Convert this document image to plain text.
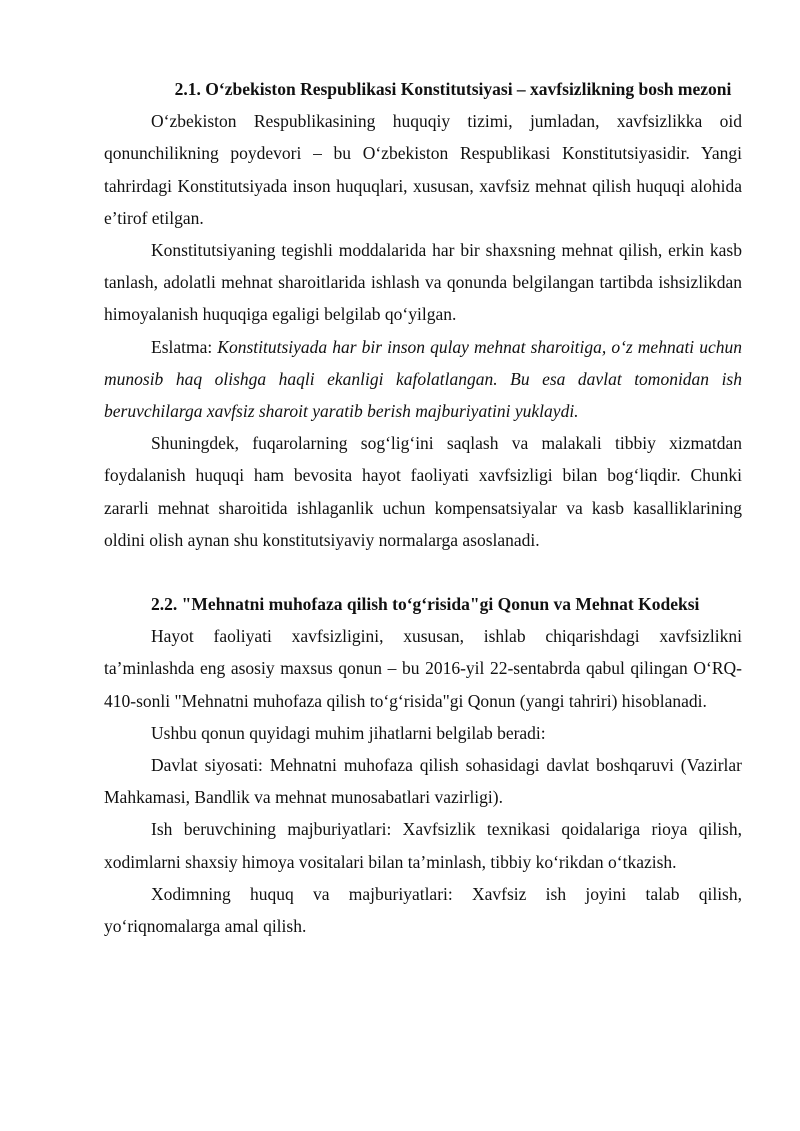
2.1. O‘zbekiston Respublikasi Konstitutsiyasi – xavfsizlikning bosh mezoni

O‘zbekiston Respublikasining huquqiy tizimi, jumladan, xavfsizlikka oid qonunchilikning poydevori – bu O‘zbekiston Respublikasi Konstitutsiyasidir. Yangi tahrirdagi Konstitutsiyada inson huquqlari, xususan, xavfsiz mehnat qilish huquqi alohida e’tirof etilgan.

Konstitutsiyaning tegishli moddalarida har bir shaxsning mehnat qilish, erkin kasb tanlash, adolatli mehnat sharoitlarida ishlash va qonunda belgilangan tartibda ishsizlikdan himoyalanish huquqiga egaligi belgilab qo‘yilgan.

Eslatma: Konstitutsiyada har bir inson qulay mehnat sharoitiga, o‘z mehnati uchun munosib haq olishga haqli ekanligi kafolatlangan. Bu esa davlat tomonidan ish beruvchilarga xavfsiz sharoit yaratib berish majburiyatini yuklaydi.

Shuningdek, fuqarolarning sog‘lig‘ini saqlash va malakali tibbiy xizmatdan foydalanish huquqi ham bevosita hayot faoliyati xavfsizligi bilan bog‘liqdir. Chunki zararli mehnat sharoitida ishlaganlik uchun kompensatsiyalar va kasb kasalliklarining oldini olish aynan shu konstitutsiyaviy normalarga asoslanadi.

2.2. "Mehnatni muhofaza qilish to‘g‘risida"gi Qonun va Mehnat Kodeksi

Hayot faoliyati xavfsizligini, xususan, ishlab chiqarishdagi xavfsizlikni ta’minlashda eng asosiy maxsus qonun – bu 2016-yil 22-sentabrda qabul qilingan O‘RQ-410-sonli "Mehnatni muhofaza qilish to‘g‘risida"gi Qonun (yangi tahriri) hisoblanadi.

Ushbu qonun quyidagi muhim jihatlarni belgilab beradi:

Davlat siyosati: Mehnatni muhofaza qilish sohasidagi davlat boshqaruvi (Vazirlar Mahkamasi, Bandlik va mehnat munosabatlari vazirligi).

Ish beruvchining majburiyatlari: Xavfsizlik texnikasi qoidalariga rioya qilish, xodimlarni shaxsiy himoya vositalari bilan ta’minlash, tibbiy ko‘rikdan o‘tkazish.

Xodimning huquq va majburiyatlari: Xavfsiz ish joyini talab qilish, yo‘riqnomalarga amal qilish.
